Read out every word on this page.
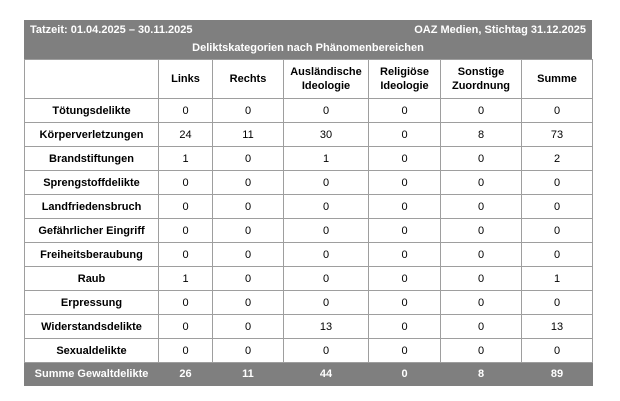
Tatzeit: 01.04.2025 – 30.11.2025	OAZ Medien, Stichtag 31.12.2025
Deliktskategorien nach Phänomenbereichen
	Links	Rechts	Ausländische Ideologie	Religiöse Ideologie	Sonstige Zuordnung	Summe
Tötungsdelikte	0	0	0	0	0	0
Körperverletzungen	24	11	30	0	8	73
Brandstiftungen	1	0	1	0	0	2
Sprengstoffdelikte	0	0	0	0	0	0
Landfriedensbruch	0	0	0	0	0	0
Gefährlicher Eingriff	0	0	0	0	0	0
Freiheitsberaubung	0	0	0	0	0	0
Raub	1	0	0	0	0	1
Erpressung	0	0	0	0	0	0
Widerstandsdelikte	0	0	13	0	0	13
Sexualdelikte	0	0	0	0	0	0
Summe Gewaltdelikte	26	11	44	0	8	89
